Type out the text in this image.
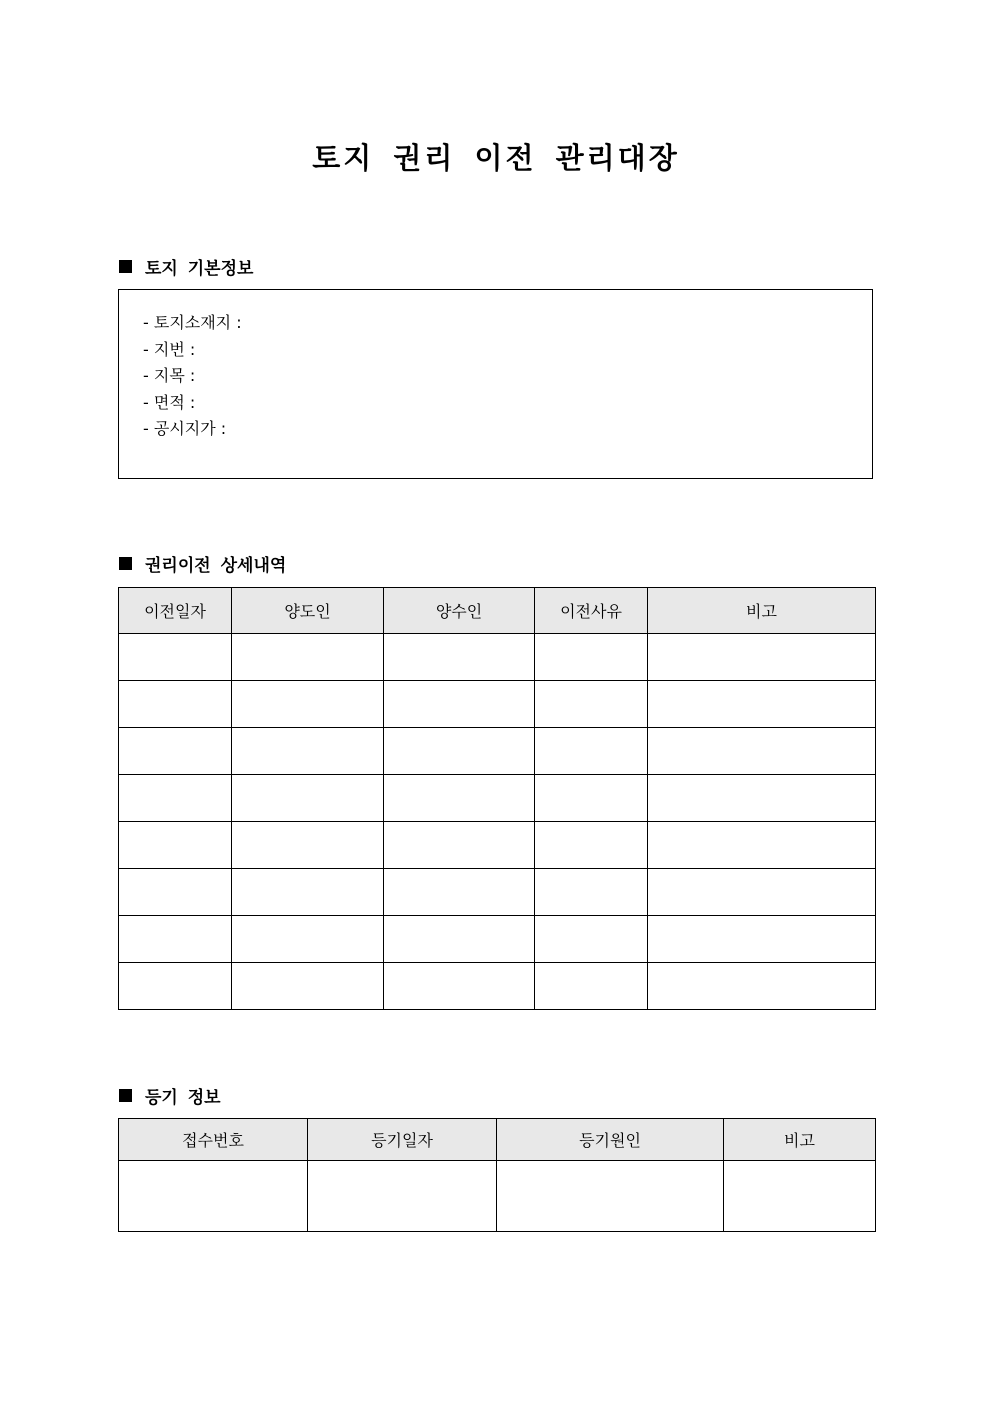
토지 권리 이전 관리대장
토지 기본정보
- 토지소재지 :
- 지번 :
- 지목 :
- 면적 :
- 공시지가 :
권리이전 상세내역
이전일자	양도인	양수인	이전사유	비고

등기 정보
접수번호	등기일자	등기원인	비고
